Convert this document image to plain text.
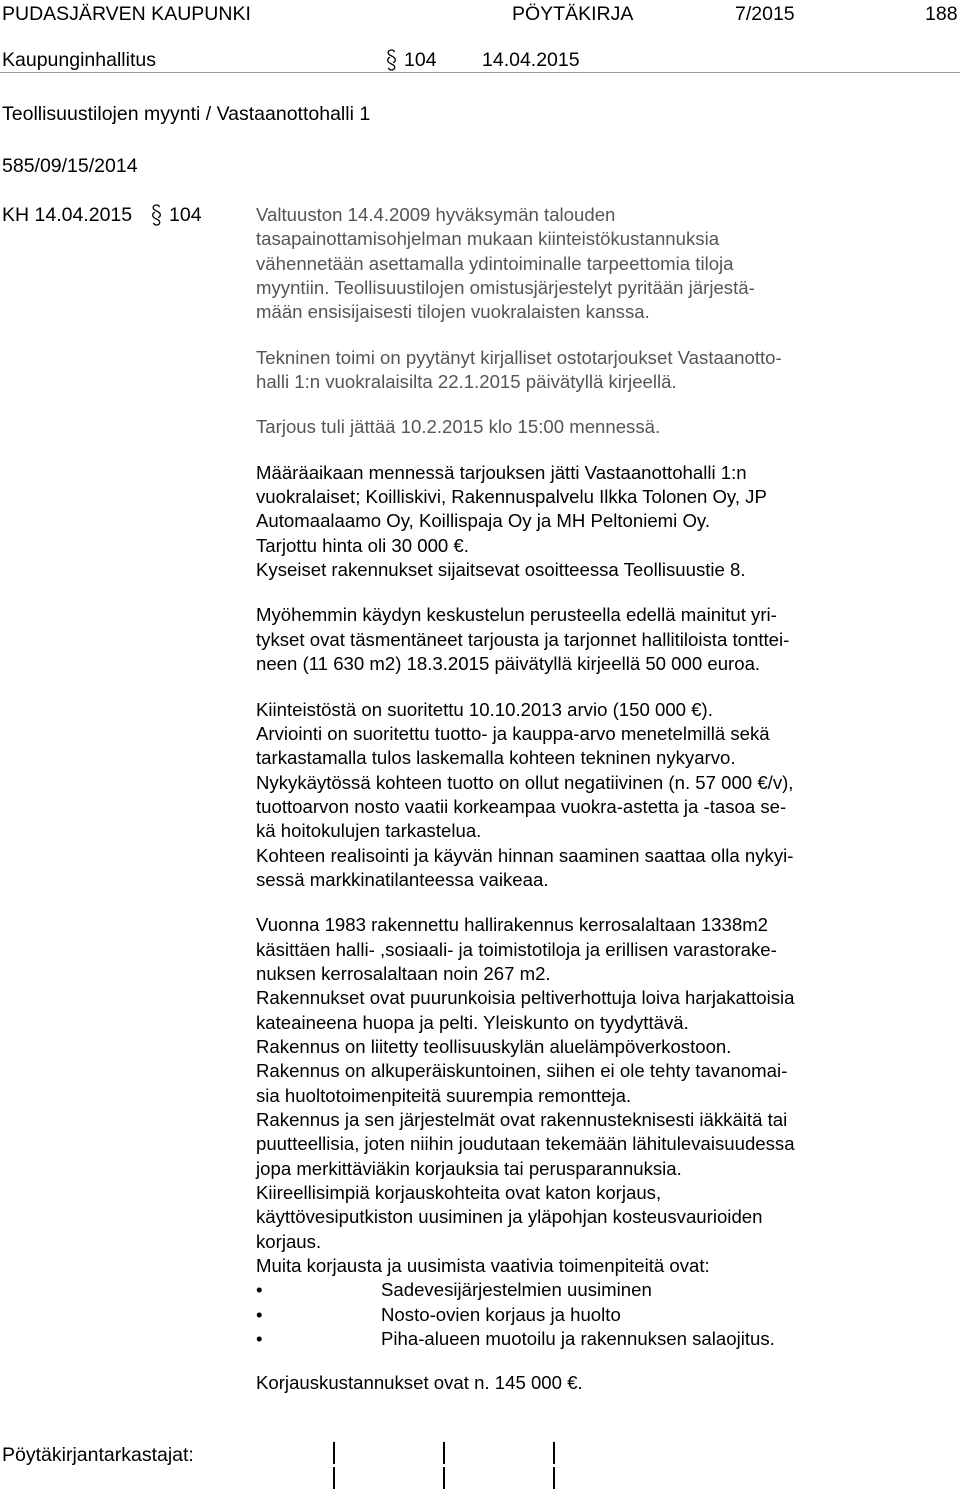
PUDASJÄRVEN KAUPUNKI	PÖYTÄKIRJA	7/2015	188
Kaupunginhallitus	104 14.04.2015
Teollisuustilojen myynti / Vastaanottohalli 1
585/09/15/2014
KH 14.04.2015 104	Valtuuston 14.4.2009 hyväksymän talouden
tasapainottamisohjelman mukaan kiinteistökustannuksia
vähennetään asettamalla ydintoiminalle tarpeettomia tiloja
myyntiin. Teollisuustilojen omistusjärjestelyt pyritään järjestä-
mään ensisijaisesti tilojen vuokralaisten kanssa.
Tekninen toimi on pyytänyt kirjalliset ostotarjoukset Vastaanotto-
halli 1:n vuokralaisilta 22.1.2015 päivätyllä kirjeellä.
Tarjous tuli jättää 10.2.2015 klo 15:00 mennessä.
Määräaikaan mennessä tarjouksen jätti Vastaanottohalli 1:n
vuokralaiset; Koilliskivi, Rakennuspalvelu Ilkka Tolonen Oy, JP
Automaalaamo Oy, Koillispaja Oy ja MH Peltoniemi Oy.
Tarjottu hinta oli 30 000 €.
Kyseiset rakennukset sijaitsevat osoitteessa Teollisuustie 8.
Myöhemmin käydyn keskustelun perusteella edellä mainitut yri-
tykset ovat täsmentäneet tarjousta ja tarjonnet hallitiloista tonttei-
neen (11 630 m2) 18.3.2015 päivätyllä kirjeellä 50 000 euroa.
Kiinteistöstä on suoritettu 10.10.2013 arvio (150 000 €).
Arviointi on suoritettu tuotto- ja kauppa-arvo menetelmillä sekä
tarkastamalla tulos laskemalla kohteen tekninen nykyarvo.
Nykykäytössä kohteen tuotto on ollut negatiivinen (n. 57 000 €/v),
tuottoarvon nosto vaatii korkeampaa vuokra-astetta ja -tasoa se-
kä hoitokulujen tarkastelua.
Kohteen realisointi ja käyvän hinnan saaminen saattaa olla nykyi-
sessä markkinatilanteessa vaikeaa.
Vuonna 1983 rakennettu hallirakennus kerrosalaltaan 1338m2
käsittäen halli- ,sosiaali- ja toimistotiloja ja erillisen varastorake-
nuksen kerrosalaltaan noin 267 m2.
Rakennukset ovat puurunkoisia peltiverhottuja loiva harjakattoisia
kateaineena huopa ja pelti. Yleiskunto on tyydyttävä.
Rakennus on liitetty teollisuuskylän aluelämpöverkostoon.
Rakennus on alkuperäiskuntoinen, siihen ei ole tehty tavanomai-
sia huoltotoimenpiteitä suurempia remontteja.
Rakennus ja sen järjestelmät ovat rakennusteknisesti iäkkäitä tai
puutteellisia, joten niihin joudutaan tekemään lähitulevaisuudessa
jopa merkittäviäkin korjauksia tai perusparannuksia.
Kiireellisimpiä korjauskohteita ovat katon korjaus,
käyttövesiputkiston uusiminen ja yläpohjan kosteusvaurioiden
korjaus.
Muita korjausta ja uusimista vaativia toimenpiteitä ovat:
•	Sadevesijärjestelmien uusiminen
•	Nosto-ovien korjaus ja huolto
•	Piha-alueen muotoilu ja rakennuksen salaojitus.
Korjauskustannukset ovat n. 145 000 €.
Pöytäkirjantarkastajat:
